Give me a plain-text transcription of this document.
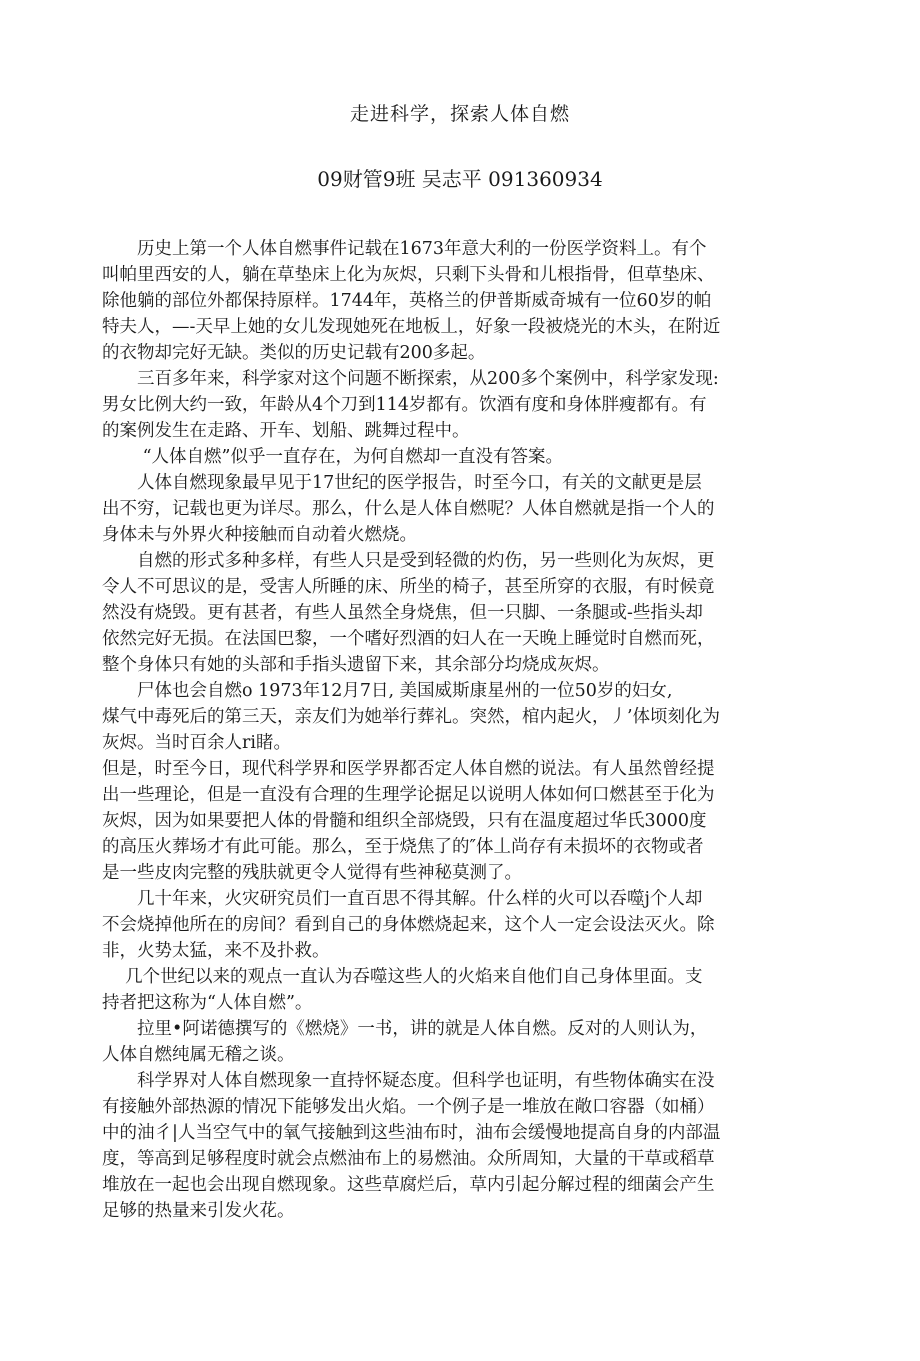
走进科学，探索人体自燃
09财管9班 吴志平 091360934
　　历史上第一个人体自燃事件记载在1673年意大利的一份医学资料丄。有个
叫帕里西安的人，躺在草垫床上化为灰烬，只剩下头骨和儿根指骨，但草垫床、
除他躺的部位外都保持原样。1744年，英格兰的伊普斯威奇城有一位60岁的帕
特夫人，—-天早上她的女儿发现她死在地板丄，好象一段被烧光的木头，在附近
的衣物却完好无缺。类似的历史记载有200多起。
　　三百多年来，科学家对这个问题不断探索，从200多个案例中，科学家发现:
男女比例大约一致，年龄从4个刀到114岁都有。饮酒有度和身体胖瘦都有。有
的案例发生在走路、开车、划船、跳舞过程中。
　　 “人体自燃”似乎一直存在，为何自燃却一直没有答案。
　　人体自燃现象最早见于17世纪的医学报告，时至今口，有关的文献更是层
出不穷，记载也更为详尽。那么，什么是人体自燃呢？人体自燃就是指一个人的
身体未与外界火种接触而自动着火燃烧。
　　自燃的形式多种多样，有些人只是受到轻微的灼伤，另一些则化为灰烬，更
令人不可思议的是，受害人所睡的床、所坐的椅子，甚至所穿的衣服，有时候竟
然没有烧毁。更有甚者，有些人虽然全身烧焦，但一只脚、一条腿或-些指头却
依然完好无损。在法国巴黎，一个嗜好烈酒的妇人在一天晚上睡觉时自燃而死，
整个身体只有她的头部和手指头遗留下来，其余部分均烧成灰烬。
　　尸体也会自燃o 1973年12月7日, 美国威斯康星州的一位50岁的妇女,
煤气中毒死后的第三天，亲友们为她举行葬礼。突然，棺内起火，丿’体顷刻化为
灰烬。当时百余人ri睹。
但是，时至今日，现代科学界和医学界都否定人体自燃的说法。有人虽然曾经提
出一些理论，但是一直没有合理的生理学论据足以说明人体如何口燃甚至于化为
灰烬，因为如果要把人体的骨髓和组织全部烧毁，只有在温度超过华氏3000度
的高压火葬场才有此可能。那么，至于烧焦了的″体丄尚存有未损坏的衣物或者
是一些皮肉完整的残肤就更令人觉得有些神秘莫测了。
　　几十年来，火灾研究员们一直百思不得其解。什么样的火可以吞噬j个人却
不会烧掉他所在的房间？看到自己的身体燃烧起来，这个人一定会设法灭火。除
非，火势太猛，来不及扑救。
　 几个世纪以来的观点一直认为吞噬这些人的火焰来自他们自己身体里面。支
持者把这称为“人体自燃”。
　　拉里•阿诺德撰写的《燃烧》一书，讲的就是人体自燃。反对的人则认为，
人体自燃纯属无稽之谈。
　　科学界对人体自燃现象一直持怀疑态度。但科学也证明，有些物体确实在没
有接触外部热源的情况下能够发出火焰。一个例子是一堆放在敞口容器（如桶）
中的油彳|人当空气中的氧气接触到这些油布时，油布会缓慢地提高自身的内部温
度，等高到足够程度时就会点燃油布上的易燃油。众所周知，大量的干草或稻草
堆放在一起也会出现自燃现象。这些草腐烂后，草内引起分解过程的细菌会产生
足够的热量来引发火花。
